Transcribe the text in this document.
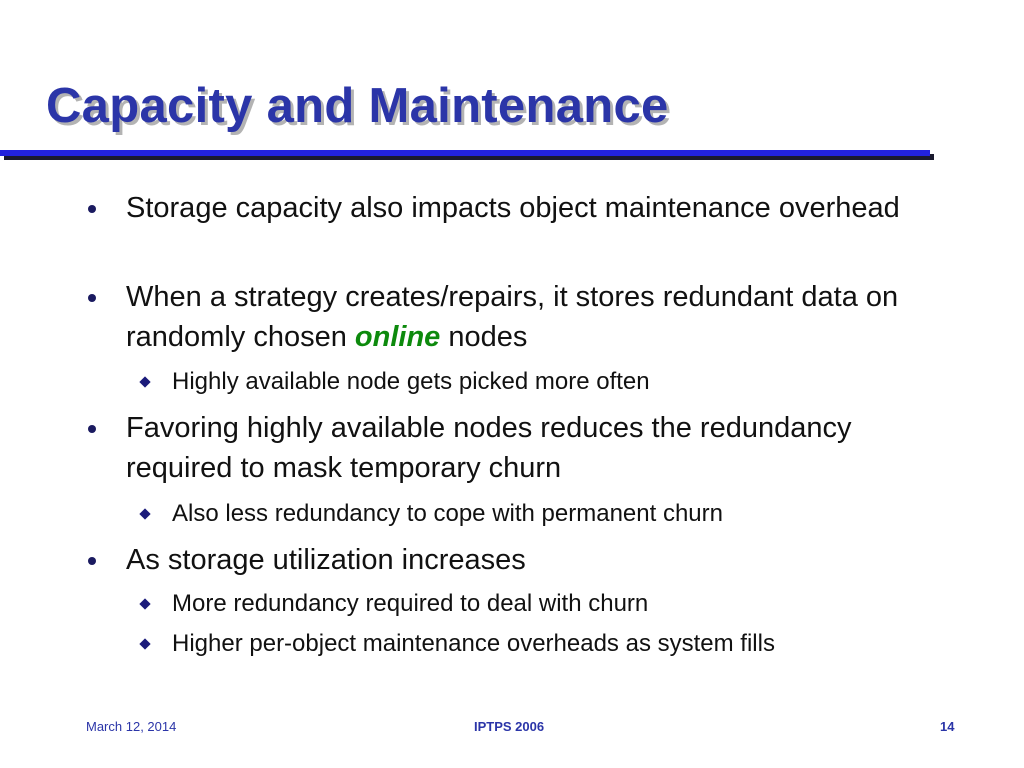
Capacity and Maintenance
Storage capacity also impacts object maintenance overhead
When a strategy creates/repairs, it stores redundant data on randomly chosen online nodes
Highly available node gets picked more often
Favoring highly available nodes reduces the redundancy required to mask temporary churn
Also less redundancy to cope with permanent churn
As storage utilization increases
More redundancy required to deal with churn
Higher per-object maintenance overheads as system fills
March 12, 2014	IPTPS 2006	14
